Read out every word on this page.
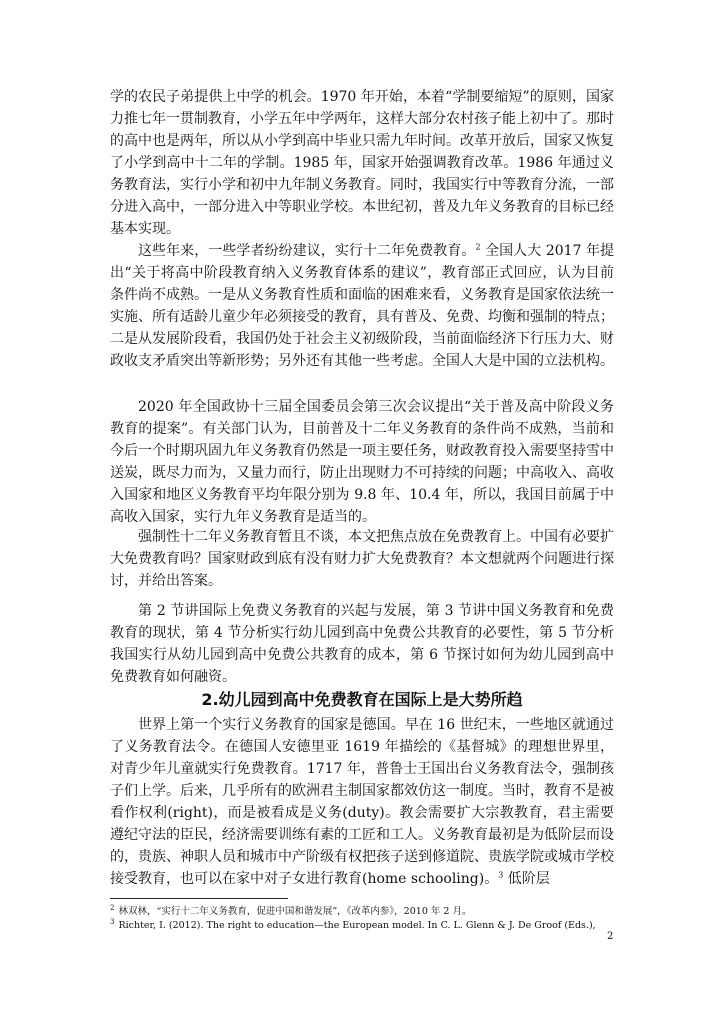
学的农民子弟提供上中学的机会。1970 年开始，本着“学制要缩短”的原则，国家力推七年一贯制教育，小学五年中学两年，这样大部分农村孩子能上初中了。那时的高中也是两年，所以从小学到高中毕业只需九年时间。改革开放后，国家又恢复了小学到高中十二年的学制。1985 年，国家开始强调教育改革。1986 年通过义务教育法，实行小学和初中九年制义务教育。同时，我国实行中等教育分流，一部分进入高中，一部分进入中等职业学校。本世纪初，普及九年义务教育的目标已经基本实现。

这些年来，一些学者纷纷建议，实行十二年免费教育。$^2$ 全国人大 2017 年提出“关于将高中阶段教育纳入义务教育体系的建议”，教育部正式回应，认为目前条件尚不成熟。一是从义务教育性质和面临的困难来看，义务教育是国家依法统一实施、所有适龄儿童少年必须接受的教育，具有普及、免费、均衡和强制的特点；二是从发展阶段看，我国仍处于社会主义初级阶段，当前面临经济下行压力大、财政收支矛盾突出等新形势；另外还有其他一些考虑。全国人大是中国的立法机构。

2020 年全国政协十三届全国委员会第三次会议提出“关于普及高中阶段义务教育的提案”。有关部门认为，目前普及十二年义务教育的条件尚不成熟，当前和今后一个时期巩固九年义务教育仍然是一项主要任务，财政教育投入需要坚持雪中送炭，既尽力而为，又量力而行，防止出现财力不可持续的问题；中高收入、高收入国家和地区义务教育平均年限分别为 9.8 年、10.4 年，所以，我国目前属于中高收入国家，实行九年义务教育是适当的。

强制性十二年义务教育暂且不谈，本文把焦点放在免费教育上。中国有必要扩大免费教育吗？国家财政到底有没有财力扩大免费教育？本文想就两个问题进行探讨，并给出答案。

第 2 节讲国际上免费义务教育的兴起与发展，第 3 节讲中国义务教育和免费教育的现状，第 4 节分析实行幼儿园到高中免费公共教育的必要性，第 5 节分析我国实行从幼儿园到高中免费公共教育的成本，第 6 节探讨如何为幼儿园到高中免费教育如何融资。

2.幼儿园到高中免费教育在国际上是大势所趋

世界上第一个实行义务教育的国家是德国。早在 16 世纪末，一些地区就通过了义务教育法令。在德国人安德里亚 1619 年描绘的《基督城》的理想世界里，对青少年儿童就实行免费教育。1717 年，普鲁士王国出台义务教育法令，强制孩子们上学。后来，几乎所有的欧洲君主制国家都效仿这一制度。当时，教育不是被看作权利(right)，而是被看成是义务(duty)。教会需要扩大宗教教育，君主需要遵纪守法的臣民，经济需要训练有素的工匠和工人。义务教育最初是为低阶层而设的，贵族、神职人员和城市中产阶级有权把孩子送到修道院、贵族学院或城市学校接受教育，也可以在家中对子女进行教育(home schooling)。$^3$ 低阶层

$^2$ 林双林，“实行十二年义务教育，促进中国和谐发展”，《改革内参》，2010 年 2 月。

$^3$ Richter, I. (2012). The right to education—the European model. In C. L. Glenn & J. De Groof (Eds.),

2
